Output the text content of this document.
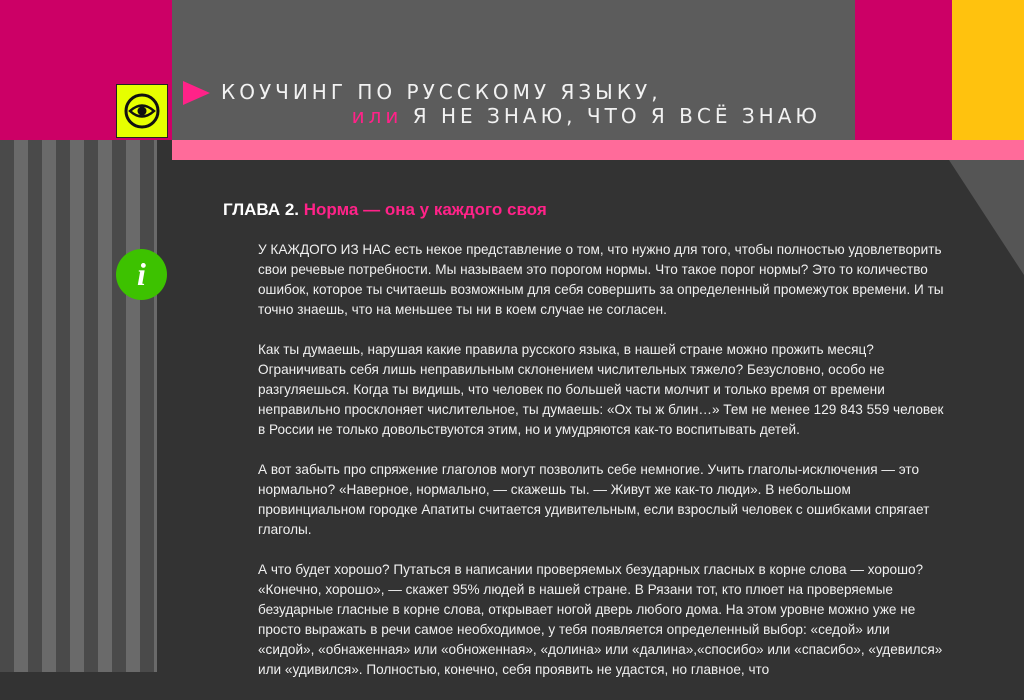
КОУЧИНГ ПО РУССКОМУ ЯЗЫКУ,
или Я НЕ ЗНАЮ, ЧТО Я ВСЁ ЗНАЮ
ГЛАВА 2. Норма — она у каждого своя
i

У КАЖДОГО ИЗ НАС есть некое представление о том, что нужно для того, чтобы полностью удовлетворить свои речевые потребности. Мы называем это порогом нормы. Что такое порог нормы? Это то количество ошибок, которое ты считаешь возможным для себя совершить за определенный промежуток времени. И ты точно знаешь, что на меньшее ты ни в коем случае не согласен.

Как ты думаешь, нарушая какие правила русского языка, в нашей стране можно прожить месяц? Ограничивать себя лишь неправильным склонением числительных тяжело? Безусловно, особо не разгуляешься. Когда ты видишь, что человек по большей части молчит и только время от времени неправильно просклоняет числительное, ты думаешь: «Ох ты ж блин…» Тем не менее 129 843 559 человек в России не только довольствуются этим, но и умудряются как-то воспитывать детей.

А вот забыть про спряжение глаголов могут позволить себе немногие. Учить глаголы-исключения — это нормально? «Наверное, нормально, — скажешь ты. — Живут же как-то люди». В небольшом провинциальном городке Апатиты считается удивительным, если взрослый человек с ошибками спрягает глаголы.

А что будет хорошо? Путаться в написании проверяемых безударных гласных в корне слова — хорошо? «Конечно, хорошо», — скажет 95% людей в нашей стране. В Рязани тот, кто плюет на проверяемые безударные гласные в корне слова, открывает ногой дверь любого дома. На этом уровне можно уже не просто выражать в речи самое необходимое, у тебя появляется определенный выбор: «седой» или «сидой», «обнаженная» или «обноженная», «долина» или «далина»,«спосибо» или «спасибо», «удевился» или «удивился». Полностью, конечно, себя проявить не удастся, но главное, что
